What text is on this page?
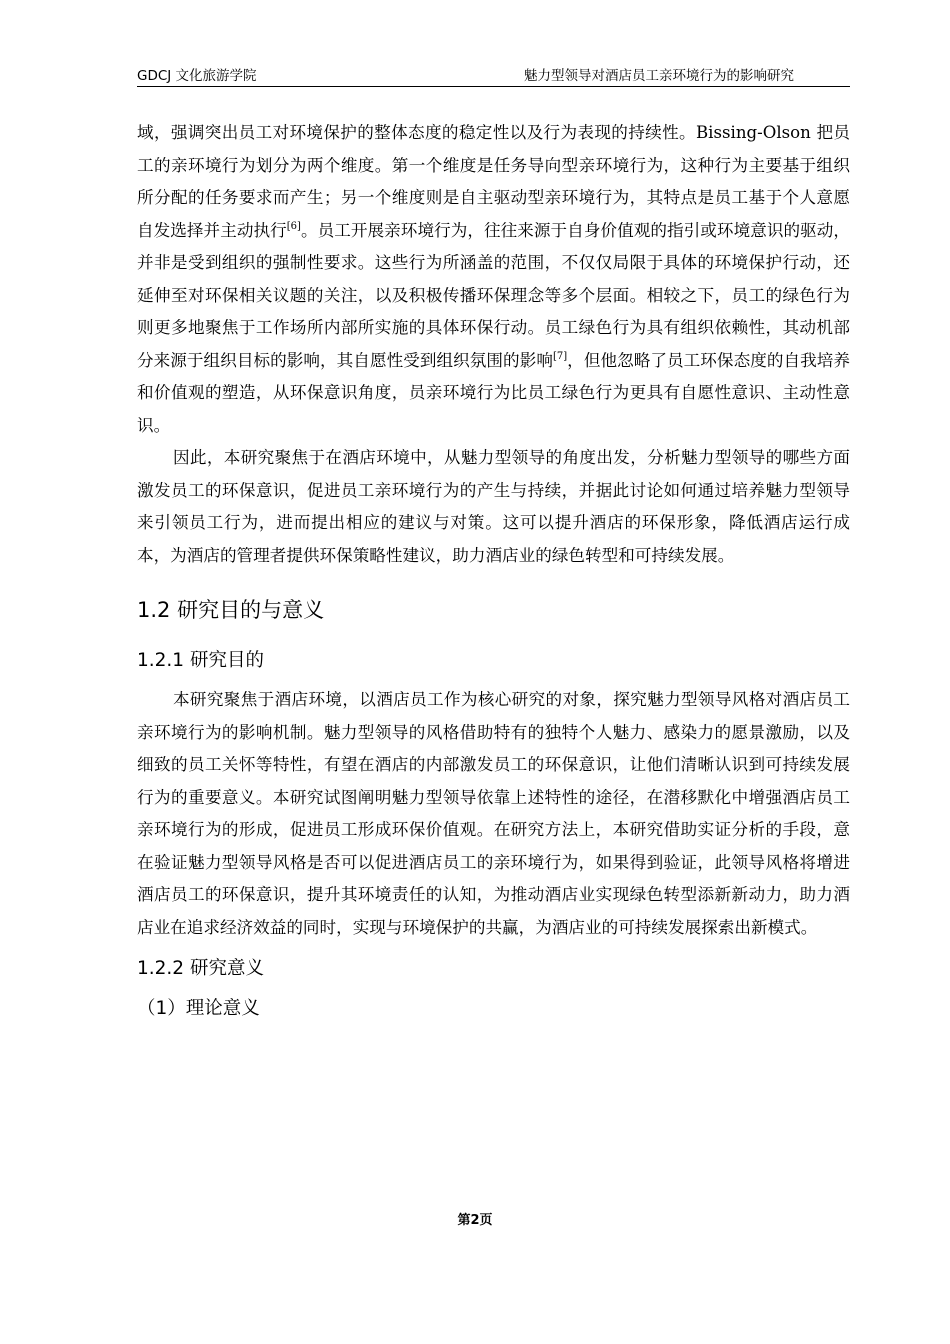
GDCJ 文化旅游学院	魅力型领导对酒店员工亲环境行为的影响研究

域，强调突出员工对环境保护的整体态度的稳定性以及行为表现的持续性。Bissing-Olson 把员工的亲环境行为划分为两个维度。第一个维度是任务导向型亲环境行为，这种行为主要基于组织所分配的任务要求而产生；另一个维度则是自主驱动型亲环境行为，其特点是员工基于个人意愿自发选择并主动执行[6]。员工开展亲环境行为，往往来源于自身价值观的指引或环境意识的驱动，并非是受到组织的强制性要求。这些行为所涵盖的范围，不仅仅局限于具体的环境保护行动，还延伸至对环保相关议题的关注，以及积极传播环保理念等多个层面。相较之下，员工的绿色行为则更多地聚焦于工作场所内部所实施的具体环保行动。员工绿色行为具有组织依赖性，其动机部分来源于组织目标的影响，其自愿性受到组织氛围的影响[7]，但他忽略了员工环保态度的自我培养和价值观的塑造，从环保意识角度，员亲环境行为比员工绿色行为更具有自愿性意识、主动性意识。

因此，本研究聚焦于在酒店环境中，从魅力型领导的角度出发，分析魅力型领导的哪些方面激发员工的环保意识，促进员工亲环境行为的产生与持续，并据此讨论如何通过培养魅力型领导来引领员工行为，进而提出相应的建议与对策。这可以提升酒店的环保形象，降低酒店运行成本，为酒店的管理者提供环保策略性建议，助力酒店业的绿色转型和可持续发展。

1.2 研究目的与意义
1.2.1 研究目的

本研究聚焦于酒店环境，以酒店员工作为核心研究的对象，探究魅力型领导风格对酒店员工亲环境行为的影响机制。魅力型领导的风格借助特有的独特个人魅力、感染力的愿景激励，以及细致的员工关怀等特性，有望在酒店的内部激发员工的环保意识，让他们清晰认识到可持续发展行为的重要意义。本研究试图阐明魅力型领导依靠上述特性的途径，在潜移默化中增强酒店员工亲环境行为的形成，促进员工形成环保价值观。在研究方法上，本研究借助实证分析的手段，意在验证魅力型领导风格是否可以促进酒店员工的亲环境行为，如果得到验证，此领导风格将增进酒店员工的环保意识，提升其环境责任的认知，为推动酒店业实现绿色转型添新新动力，助力酒店业在追求经济效益的同时，实现与环境保护的共赢，为酒店业的可持续发展探索出新模式。

1.2.2 研究意义
（1）理论意义
第2页
